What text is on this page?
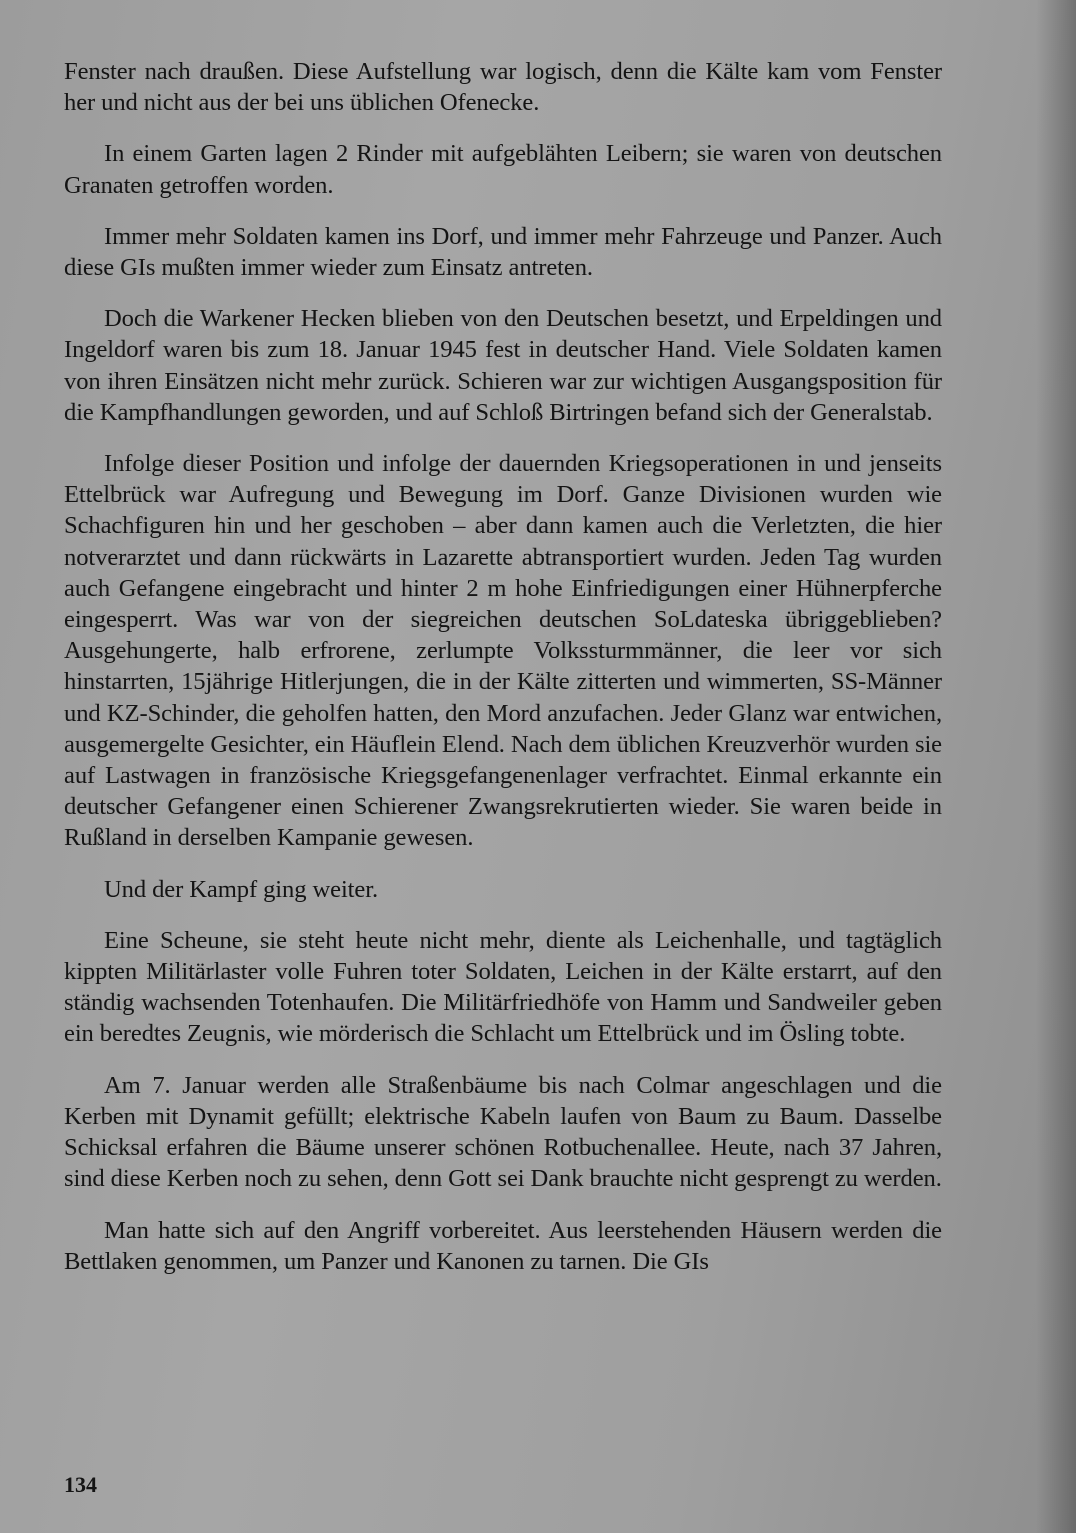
Fenster nach draußen. Diese Aufstellung war logisch, denn die Kälte kam vom Fenster her und nicht aus der bei uns üblichen Ofenecke.

In einem Garten lagen 2 Rinder mit aufgeblähten Leibern; sie waren von deutschen Granaten getroffen worden.

Immer mehr Soldaten kamen ins Dorf, und immer mehr Fahrzeuge und Panzer. Auch diese GIs mußten immer wieder zum Einsatz antreten.

Doch die Warkener Hecken blieben von den Deutschen besetzt, und Erpeldingen und Ingeldorf waren bis zum 18. Januar 1945 fest in deutscher Hand. Viele Soldaten kamen von ihren Einsätzen nicht mehr zurück. Schieren war zur wichtigen Ausgangsposition für die Kampfhandlungen geworden, und auf Schloß Birtringen befand sich der Generalstab.

Infolge dieser Position und infolge der dauernden Kriegsoperationen in und jenseits Ettelbrück war Aufregung und Bewegung im Dorf. Ganze Divisionen wurden wie Schachfiguren hin und her geschoben – aber dann kamen auch die Verletzten, die hier notverarztet und dann rückwärts in Lazarette abtransportiert wurden. Jeden Tag wurden auch Gefangene eingebracht und hinter 2 m hohe Einfriedigungen einer Hühnerpferche eingesperrt. Was war von der siegreichen deutschen SoLdateska übriggeblieben? Ausgehungerte, halb erfrorene, zerlumpte Volkssturmmänner, die leer vor sich hinstarrten, 15jährige Hitlerjungen, die in der Kälte zitterten und wimmerten, SS-Männer und KZ-Schinder, die geholfen hatten, den Mord anzufachen. Jeder Glanz war entwichen, ausgemergelte Gesichter, ein Häuflein Elend. Nach dem üblichen Kreuzverhör wurden sie auf Lastwagen in französische Kriegsgefangenenlager verfrachtet. Einmal erkannte ein deutscher Gefangener einen Schierener Zwangsrekrutierten wieder. Sie waren beide in Rußland in derselben Kampanie gewesen.

Und der Kampf ging weiter.

Eine Scheune, sie steht heute nicht mehr, diente als Leichenhalle, und tagtäglich kippten Militärlaster volle Fuhren toter Soldaten, Leichen in der Kälte erstarrt, auf den ständig wachsenden Totenhaufen. Die Militärfriedhöfe von Hamm und Sandweiler geben ein beredtes Zeugnis, wie mörderisch die Schlacht um Ettelbrück und im Ösling tobte.

Am 7. Januar werden alle Straßenbäume bis nach Colmar angeschlagen und die Kerben mit Dynamit gefüllt; elektrische Kabeln laufen von Baum zu Baum. Dasselbe Schicksal erfahren die Bäume unserer schönen Rotbuchenallee. Heute, nach 37 Jahren, sind diese Kerben noch zu sehen, denn Gott sei Dank brauchte nicht gesprengt zu werden.

Man hatte sich auf den Angriff vorbereitet. Aus leerstehenden Häusern werden die Bettlaken genommen, um Panzer und Kanonen zu tarnen. Die GIs

134
